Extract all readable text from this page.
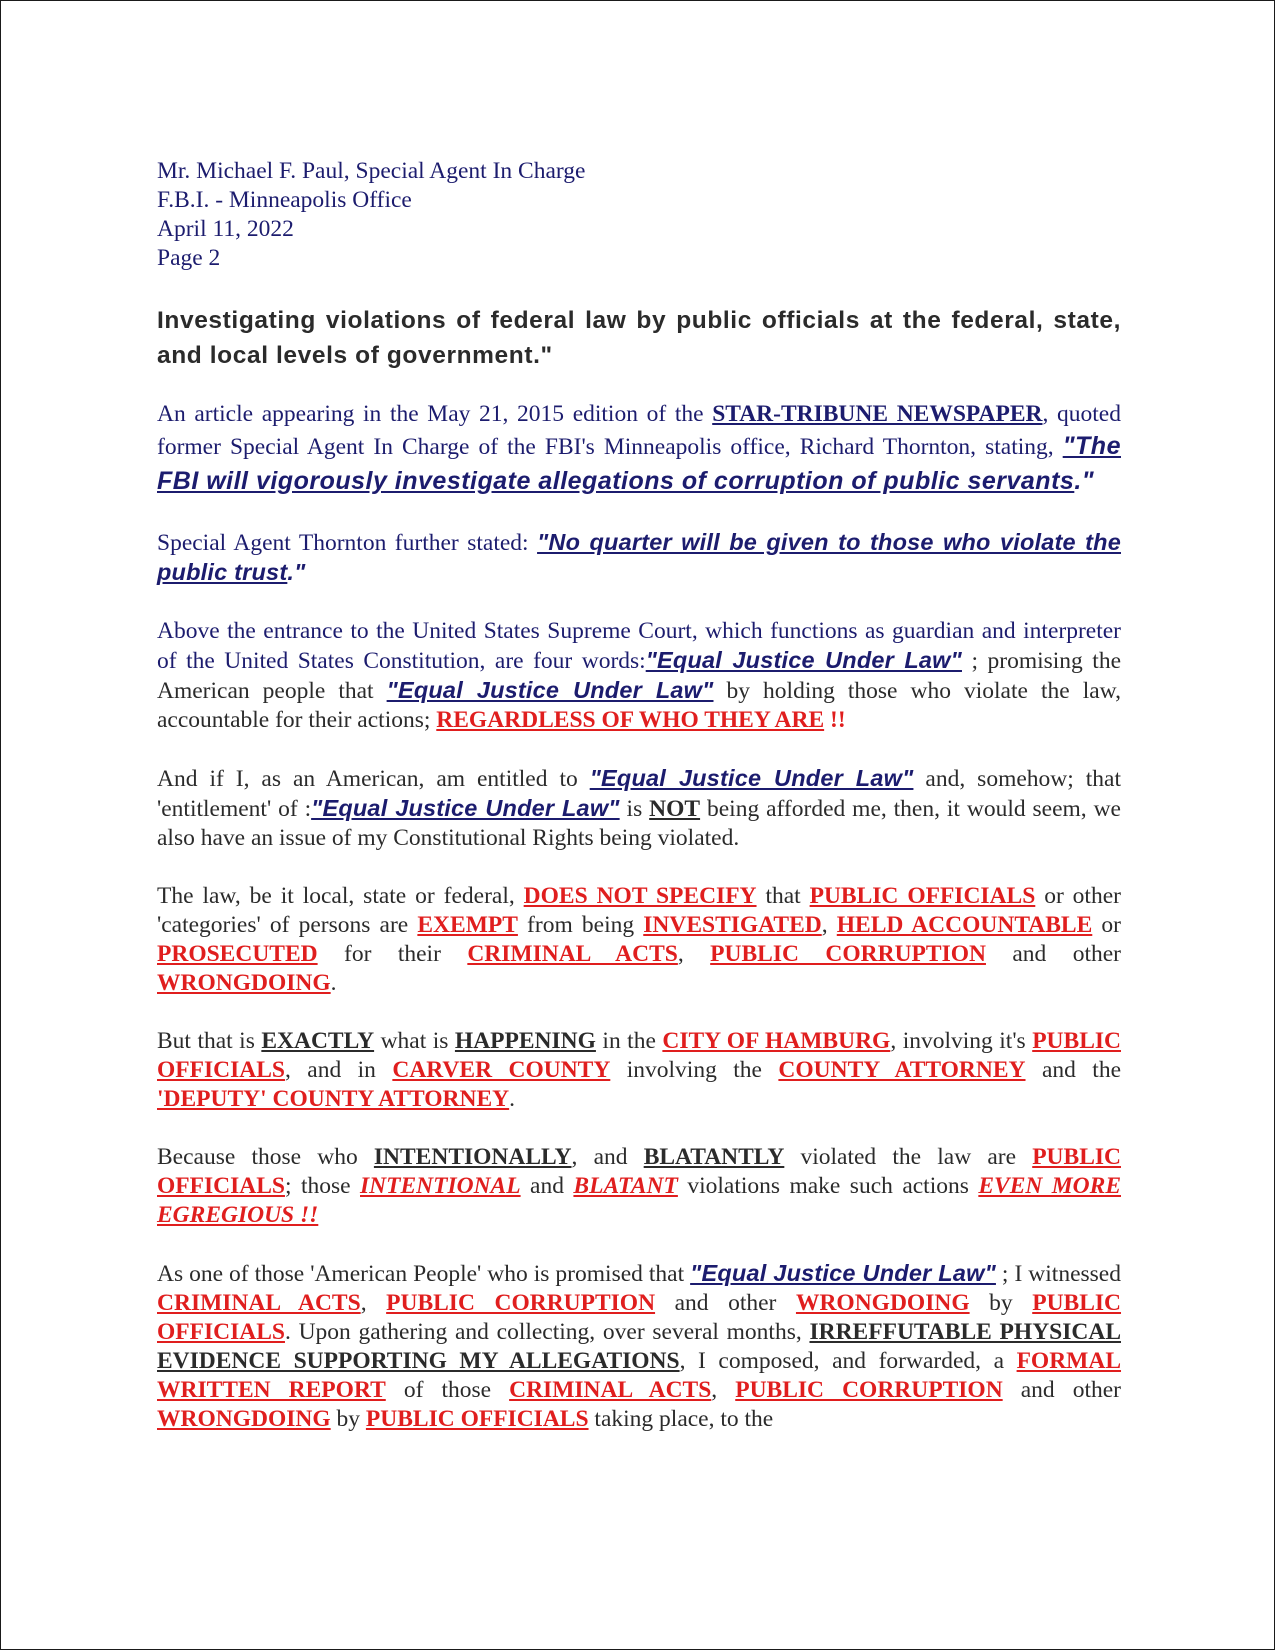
Mr. Michael F. Paul, Special Agent In Charge

F.B.I. - Minneapolis Office

April 11, 2022

Page 2

Investigating violations of federal law by public officials at the federal, state, and local levels of government."

An article appearing in the May 21, 2015 edition of the STAR-TRIBUNE NEWSPAPER, quoted former Special Agent In Charge of the FBI's Minneapolis office, Richard Thornton, stating, "The FBI will vigorously investigate allegations of corruption of public servants."

Special Agent Thornton further stated: "No quarter will be given to those who violate the public trust."

Above the entrance to the United States Supreme Court, which functions as guardian and interpreter of the United States Constitution, are four words:"Equal Justice Under Law" ; promising the American people that "Equal Justice Under Law" by holding those who violate the law, accountable for their actions; REGARDLESS OF WHO THEY ARE !!

And if I, as an American, am entitled to "Equal Justice Under Law" and, somehow; that 'entitlement' of :"Equal Justice Under Law" is NOT being afforded me, then, it would seem, we also have an issue of my Constitutional Rights being violated.

The law, be it local, state or federal, DOES NOT SPECIFY that PUBLIC OFFICIALS or other 'categories' of persons are EXEMPT from being INVESTIGATED, HELD ACCOUNTABLE or PROSECUTED for their CRIMINAL ACTS, PUBLIC CORRUPTION and other WRONGDOING.

But that is EXACTLY what is HAPPENING in the CITY OF HAMBURG, involving it's PUBLIC OFFICIALS, and in CARVER COUNTY involving the COUNTY ATTORNEY and the 'DEPUTY' COUNTY ATTORNEY.

Because those who INTENTIONALLY, and BLATANTLY violated the law are PUBLIC OFFICIALS; those INTENTIONAL and BLATANT violations make such actions EVEN MORE EGREGIOUS !!

As one of those 'American People' who is promised that "Equal Justice Under Law" ; I witnessed CRIMINAL ACTS, PUBLIC CORRUPTION and other WRONGDOING by PUBLIC OFFICIALS. Upon gathering and collecting, over several months, IRREFFUTABLE PHYSICAL EVIDENCE SUPPORTING MY ALLEGATIONS, I composed, and forwarded, a FORMAL WRITTEN REPORT of those CRIMINAL ACTS, PUBLIC CORRUPTION and other WRONGDOING by PUBLIC OFFICIALS taking place, to the
